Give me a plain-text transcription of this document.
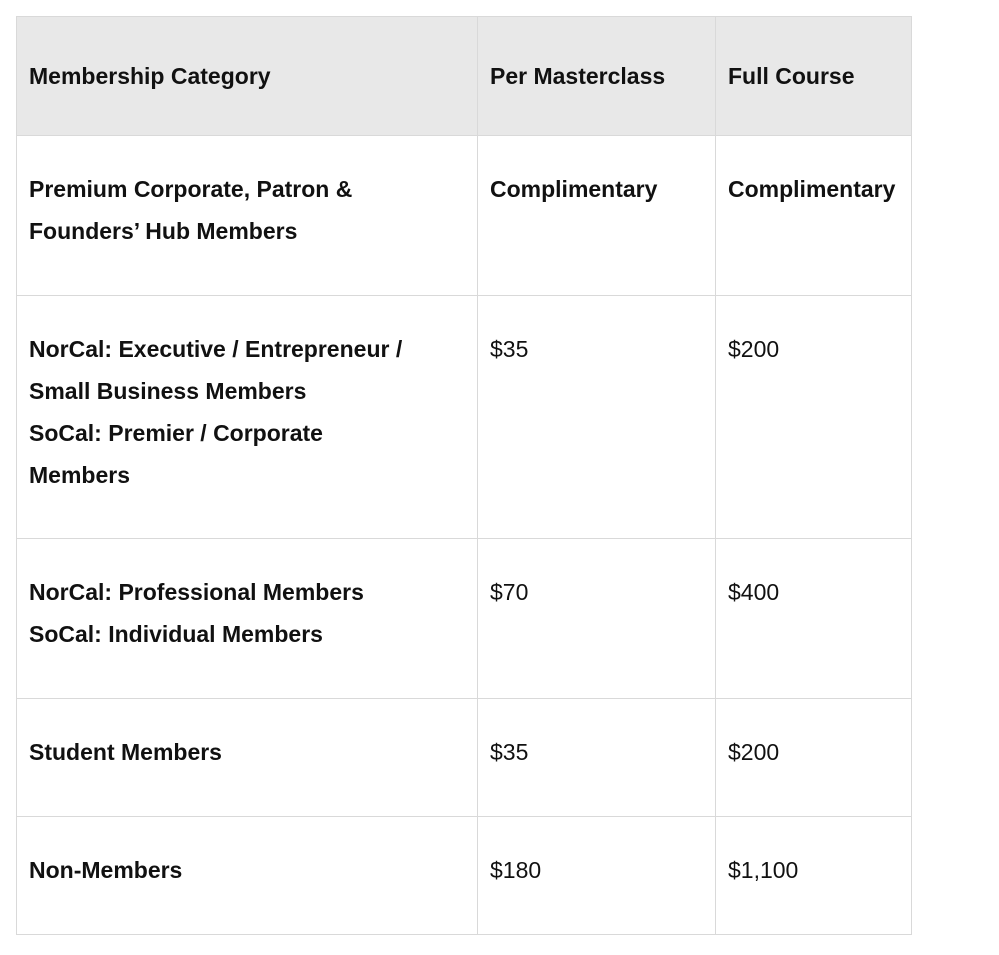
Membership Category	Per Masterclass	Full Course

Premium Corporate, Patron &
Founders’ Hub Members	Complimentary	Complimentary

NorCal: Executive / Entrepreneur /
Small Business Members
SoCal: Premier / Corporate
Members	$35	$200

NorCal: Professional Members
SoCal: Individual Members	$70	$400

Student Members	$35	$200

Non-Members	$180	$1,100
